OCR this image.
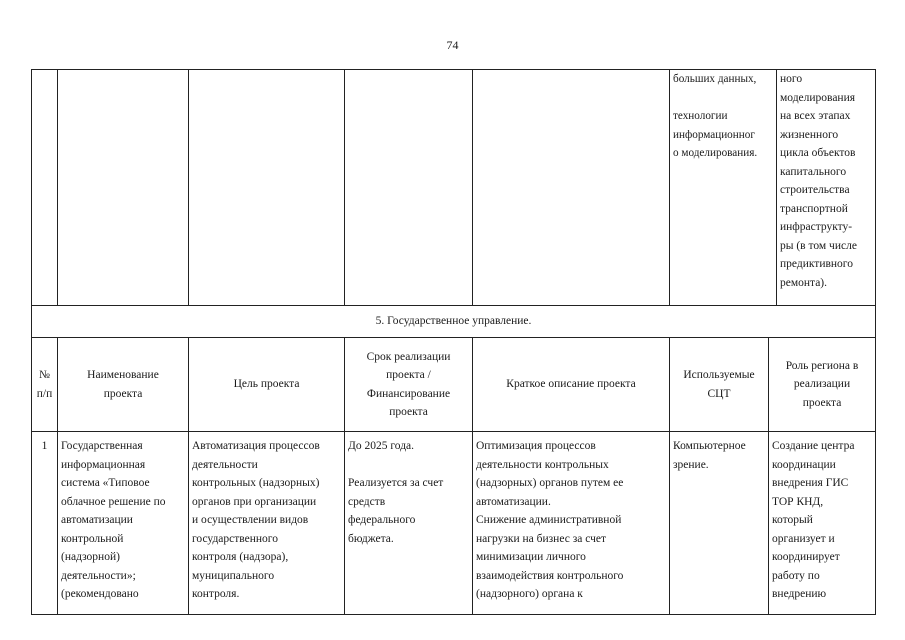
74
больших данных,

технологии
информационног
о моделирования.
ного
моделирования
на всех этапах
жизненного
цикла объектов
капитального
строительства
транспортной
инфраструкту-
ры (в том числе
предиктивного
ремонта).
5. Государственное управление.
№
п/п
Наименование
проекта
Цель проекта
Срок реализации
проекта /
Финансирование
проекта
Краткое описание проекта
Используемые
СЦТ
Роль региона в
реализации
проекта
1	Государственная
информационная
система «Типовое
облачное решение по
автоматизации
контрольной
(надзорной)
деятельности»;
(рекомендовано
Автоматизация процессов
деятельности
контрольных (надзорных)
органов при организации
и осуществлении видов
государственного
контроля (надзора),
муниципального
контроля.
До 2025 года.

Реализуется за счет
средств
федерального
бюджета.
Оптимизация процессов
деятельности контрольных
(надзорных) органов путем ее
автоматизации.
Снижение административной
нагрузки на бизнес за счет
минимизации личного
взаимодействия контрольного
(надзорного) органа к
Компьютерное
зрение.
Создание центра
координации
внедрения ГИС
ТОР КНД,
который
организует и
координирует
работу по
внедрению
